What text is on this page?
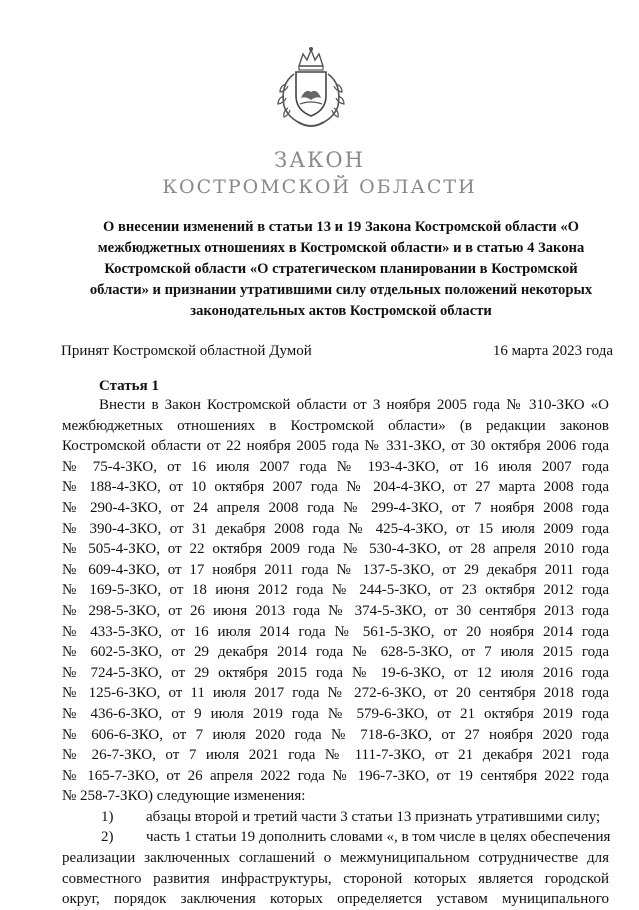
ЗАКОН
КОСТРОМСКОЙ ОБЛАСТИ
О внесении изменений в статьи 13 и 19 Закона Костромской области «О
межбюджетных отношениях в Костромской области» и в статью 4 Закона
Костромской области «О стратегическом планировании в Костромской
области» и признании утратившими силу отдельных положений некоторых
законодательных актов Костромской области
Принят Костромской областной Думой	16 марта 2023 года
Статья 1
Внести в Закон Костромской области от 3 ноября 2005 года № 310-ЗКО «О
межбюджетных отношениях в Костромской области» (в редакции законов
Костромской области от 22 ноября 2005 года № 331-ЗКО, от 30 октября 2006 года
№ 75-4-ЗКО, от 16 июля 2007 года № 193-4-ЗКО, от 16 июля 2007 года
№ 188-4-ЗКО, от 10 октября 2007 года № 204-4-ЗКО, от 27 марта 2008 года
№ 290-4-ЗКО, от 24 апреля 2008 года № 299-4-ЗКО, от 7 ноября 2008 года
№ 390-4-ЗКО, от 31 декабря 2008 года № 425-4-ЗКО, от 15 июля 2009 года
№ 505-4-ЗКО, от 22 октября 2009 года № 530-4-ЗКО, от 28 апреля 2010 года
№ 609-4-ЗКО, от 17 ноября 2011 года № 137-5-ЗКО, от 29 декабря 2011 года
№ 169-5-ЗКО, от 18 июня 2012 года № 244-5-ЗКО, от 23 октября 2012 года
№ 298-5-ЗКО, от 26 июня 2013 года № 374-5-ЗКО, от 30 сентября 2013 года
№ 433-5-ЗКО, от 16 июля 2014 года № 561-5-ЗКО, от 20 ноября 2014 года
№ 602-5-ЗКО, от 29 декабря 2014 года № 628-5-ЗКО, от 7 июля 2015 года
№ 724-5-ЗКО, от 29 октября 2015 года № 19-6-ЗКО, от 12 июля 2016 года
№ 125-6-ЗКО, от 11 июля 2017 года № 272-6-ЗКО, от 20 сентября 2018 года
№ 436-6-ЗКО, от 9 июля 2019 года № 579-6-ЗКО, от 21 октября 2019 года
№ 606-6-ЗКО, от 7 июля 2020 года № 718-6-ЗКО, от 27 ноября 2020 года
№ 26-7-ЗКО, от 7 июля 2021 года № 111-7-ЗКО, от 21 декабря 2021 года
№ 165-7-ЗКО, от 26 апреля 2022 года № 196-7-ЗКО, от 19 сентября 2022 года
№ 258-7-ЗКО) следующие изменения:
1) абзацы второй и третий части 3 статьи 13 признать утратившими силу;
2) часть 1 статьи 19 дополнить словами «, в том числе в целях обеспечения
реализации заключенных соглашений о межмуниципальном сотрудничестве для
совместного развития инфраструктуры, стороной которых является городской
округ, порядок заключения которых определяется уставом муниципального
